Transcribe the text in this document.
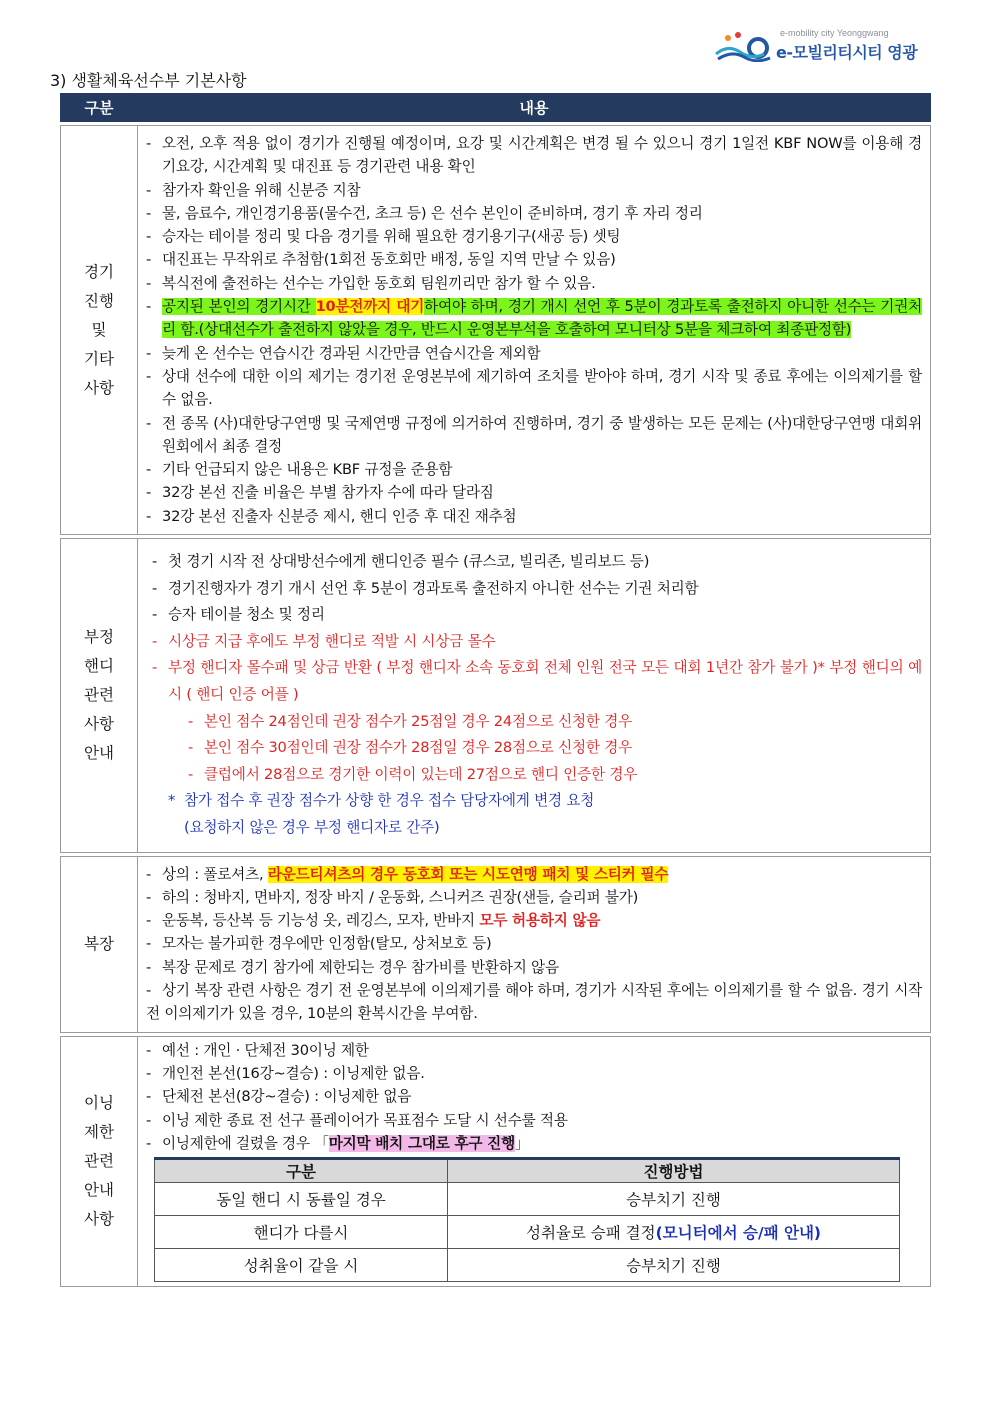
e-mobility city Yeonggwang
e-모빌리티시티 영광
3) 생활체육선수부 기본사항
구분	내용

경기
진행
및
기타
사항

- 오전, 오후 적용 없이 경기가 진행될 예정이며, 요강 및 시간계획은 변경 될 수 있으니 경기 1일전 KBF NOW를 이용해 경기요강, 시간계획 및 대진표 등 경기관련 내용 확인
- 참가자 확인을 위해 신분증 지참
- 물, 음료수, 개인경기용품(물수건, 초크 등) 은 선수 본인이 준비하며, 경기 후 자리 정리
- 승자는 테이블 정리 및 다음 경기를 위해 필요한 경기용기구(새공 등) 셋팅
- 대진표는 무작위로 추첨함(1회전 동호회만 배정, 동일 지역 만날 수 있음)
- 복식전에 출전하는 선수는 가입한 동호회 팀원끼리만 참가 할 수 있음.
- 공지된 본인의 경기시간 10분전까지 대기하여야 하며, 경기 개시 선언 후 5분이 경과토록 출전하지 아니한 선수는 기권처리 함.(상대선수가 출전하지 않았을 경우, 반드시 운영본부석을 호출하여 모니터상 5분을 체크하여 최종판정함)
- 늦게 온 선수는 연습시간 경과된 시간만큼 연습시간을 제외함
- 상대 선수에 대한 이의 제기는 경기전 운영본부에 제기하여 조치를 받아야 하며, 경기 시작 및 종료 후에는 이의제기를 할 수 없음.
- 전 종목 (사)대한당구연맹 및 국제연맹 규정에 의거하여 진행하며, 경기 중 발생하는 모든 문제는 (사)대한당구연맹 대회위원회에서 최종 결정
- 기타 언급되지 않은 내용은 KBF 규정을 준용함
- 32강 본선 진출 비율은 부별 참가자 수에 따라 달라짐
- 32강 본선 진출자 신분증 제시, 핸디 인증 후 대진 재추첨

부정
핸디
관련
사항
안내

- 첫 경기 시작 전 상대방선수에게 핸디인증 필수 (큐스코, 빌리존, 빌리보드 등)
- 경기진행자가 경기 개시 선언 후 5분이 경과토록 출전하지 아니한 선수는 기권 처리함
- 승자 테이블 청소 및 정리
- 시상금 지급 후에도 부정 핸디로 적발 시 시상금 몰수
- 부정 핸디자 몰수패 및 상금 반환 ( 부정 핸디자 소속 동호회 전체 인원 전국 모든 대회 1년간 참가 불가 )* 부정 핸디의 예시 ( 핸디 인증 어플 )
- 본인 점수 24점인데 권장 점수가 25점일 경우 24점으로 신청한 경우
- 본인 점수 30점인데 권장 점수가 28점일 경우 28점으로 신청한 경우
- 클럽에서 28점으로 경기한 이력이 있는데 27점으로 핸디 인증한 경우
* 참가 접수 후 권장 점수가 상향 한 경우 접수 담당자에게 변경 요청
(요청하지 않은 경우 부정 핸디자로 간주)

복장

- 상의 : 폴로셔츠, 라운드티셔츠의 경우 동호회 또는 시도연맹 패치 및 스티커 필수
- 하의 : 청바지, 면바지, 정장 바지 / 운동화, 스니커즈 권장(샌들, 슬리퍼 불가)
- 운동복, 등산복 등 기능성 옷, 레깅스, 모자, 반바지 모두 허용하지 않음
- 모자는 불가피한 경우에만 인정함(탈모, 상처보호 등)
- 복장 문제로 경기 참가에 제한되는 경우 참가비를 반환하지 않음
- 상기 복장 관련 사항은 경기 전 운영본부에 이의제기를 해야 하며, 경기가 시작된 후에는 이의제기를 할 수 없음. 경기 시작 전 이의제기가 있을 경우, 10분의 환복시간을 부여함.

이닝
제한
관련
안내
사항

- 예선 : 개인 · 단체전 30이닝 제한
- 개인전 본선(16강~결승) : 이닝제한 없음.
- 단체전 본선(8강~결승) : 이닝제한 없음
- 이닝 제한 종료 전 선구 플레이어가 목표점수 도달 시 선수룰 적용
- 이닝제한에 걸렸을 경우 「마지막 배치 그대로 후구 진행」
구분	진행방법
동일 핸디 시 동률일 경우	승부치기 진행
핸디가 다를시	성취율로 승패 결정(모니터에서 승/패 안내)
성취율이 같을 시	승부치기 진행
